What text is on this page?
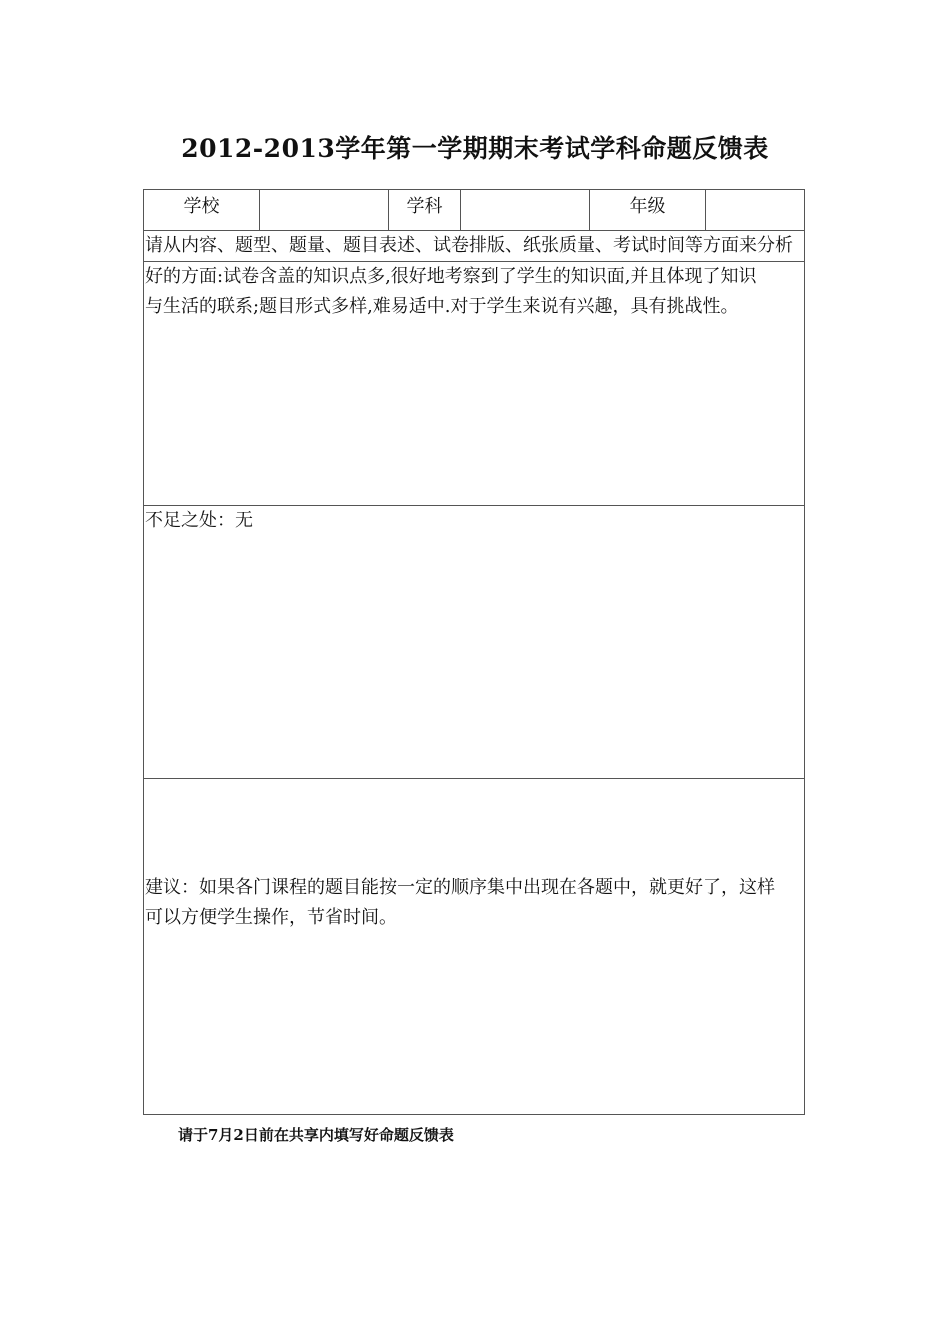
2012-2013学年第一学期期末考试学科命题反馈表
学校	学科	年级
请从内容、题型、题量、题目表述、试卷排版、纸张质量、考试时间等方面来分析
好的方面:试卷含盖的知识点多,很好地考察到了学生的知识面,并且体现了知识
与生活的联系;题目形式多样,难易适中.对于学生来说有兴趣，具有挑战性。
不足之处：无
建议：如果各门课程的题目能按一定的顺序集中出现在各题中，就更好了，这样
可以方便学生操作，节省时间。
请于7月2日前在共享内填写好命题反馈表
